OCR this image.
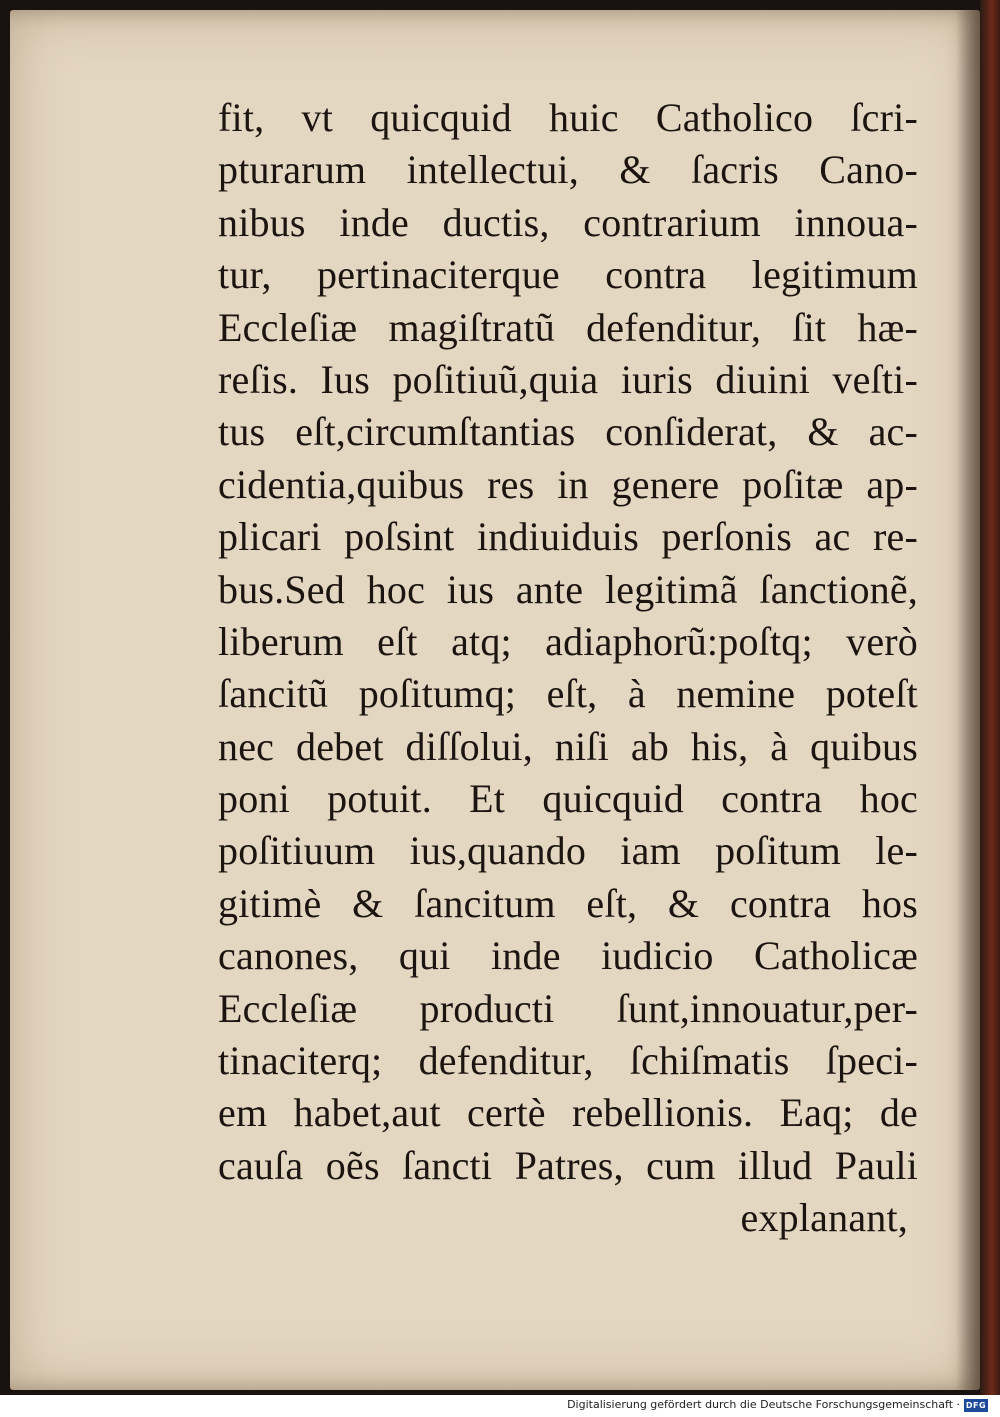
fit, vt quicquid huic Catholico ſcri-
pturarum intellectui, & ſacris Cano-
nibus inde ductis, contrarium innoua-
tur, pertinaciterque contra legitimum
Eccleſiæ magiſtratũ defenditur, ſit hæ-
reſis. Ius poſitiuũ,quia iuris diuini veſti-
tus eſt,circumſtantias conſiderat, & ac-
cidentia,quibus res in genere poſitæ ap-
plicari poſsint indiuiduis perſonis ac re-
bus.Sed hoc ius ante legitimã ſanctionẽ,
liberum eſt atq; adiaphorũ:poſtq; verò
ſancitũ poſitumq; eſt, à nemine poteſt
nec debet diſſolui, niſi ab his, à quibus
poni potuit. Et quicquid contra hoc
poſitiuum ius,quando iam poſitum le-
gitimè & ſancitum eſt, & contra hos
canones, qui inde iudicio Catholicæ
Eccleſiæ producti ſunt,innouatur,per-
tinaciterq; defenditur, ſchiſmatis ſpeci-
em habet,aut certè rebellionis. Eaq; de
cauſa oẽs ſancti Patres, cum illud Pauli
explanant,
Digitalisierung gefördert durch die Deutsche Forschungsgemeinschaft · DFG
